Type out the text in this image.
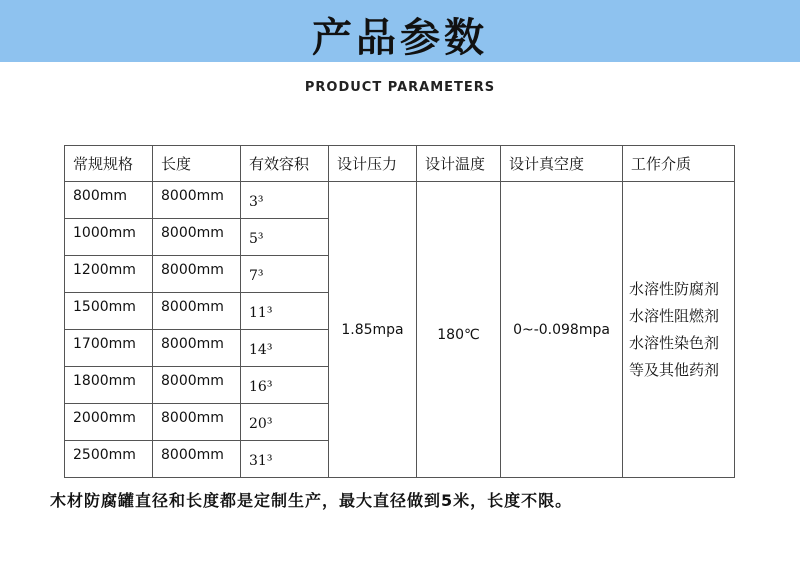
产品参数
PRODUCT PARAMETERS
常规规格	长度	有效容积	设计压力	设计温度	设计真空度	工作介质
800mm	8000mm	3³	1.85mpa	180℃	0~-0.098mpa	水溶性防腐剂
水溶性阻燃剂
水溶性染色剂
等及其他药剂

1000mm	8000mm	5³				
1200mm	8000mm	7³				
1500mm	8000mm	11³				
1700mm	8000mm	14³				
1800mm	8000mm	16³				
2000mm	8000mm	20³				
2500mm	8000mm	31³				
木材防腐罐直径和长度都是定制生产，最大直径做到5米，长度不限。
